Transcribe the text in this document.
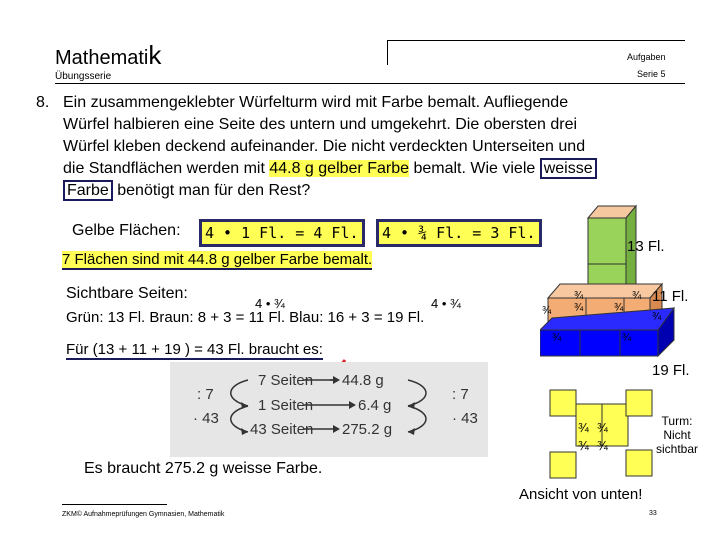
Mathematik
Übungsserie
Aufgaben
Serie 5
8. Ein zusammengeklebter Würfelturm wird mit Farbe bemalt. Aufliegende
Würfel halbieren eine Seite des untern und umgekehrt. Die obersten drei
Würfel kleben deckend aufeinander. Die nicht verdeckten Unterseiten und
die Standflächen werden mit 44.8 g gelber Farbe bemalt. Wie viele weisse
Farbe benötigt man für den Rest?
Gelbe Flächen:	4 • 1 Fl. = 4 Fl.	4 • ¾ Fl. = 3 Fl.
7 Flächen sind mit 44.8 g gelber Farbe bemalt.
Sichtbare Seiten:
4 • ¾	4 • ¾
Grün: 13 Fl. Braun: 8 + 3 = 11 Fl. Blau: 16 + 3 = 19 Fl.
Für (13 + 11 + 19 ) = 43 Fl. braucht es:
7 Seiten 44.8 g
1 Seiten	6.4 g
43 Seiten 275.2 g
: 7
· 43
: 7
· 43
Es braucht 275.2 g weisse Farbe.
13 Fl.
11 Fl.
19 Fl.
¾
¾
¾
¾
¾	¾
¾	¾
¾ ¾
¾ ¾
Turm:
Nicht
sichtbar
Ansicht von unten!
ZKM© Aufnahmeprüfungen Gymnasien, Mathematik	33
